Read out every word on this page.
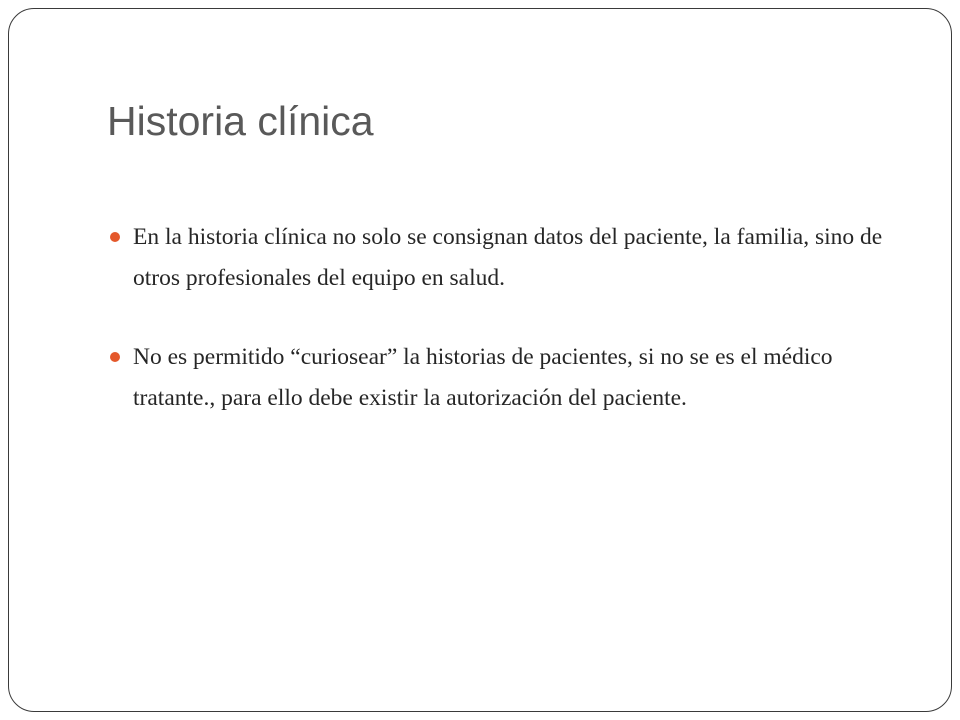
Historia clínica
En la historia clínica no solo se consignan datos del paciente, la familia, sino de otros profesionales del equipo en salud.
No es permitido “curiosear” la historias de pacientes, si no se es el médico tratante., para ello debe existir la autorización del paciente.
